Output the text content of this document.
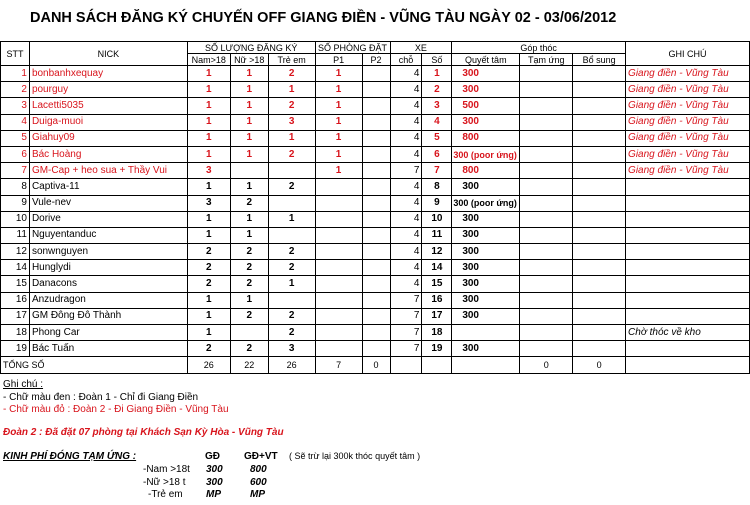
DANH SÁCH ĐĂNG KÝ CHUYẾN OFF GIANG ĐIỀN - VŨNG TÀU NGÀY 02 - 03/06/2012
STT	NICK	SỐ LƯỢNG ĐĂNG KÝ			SỐ PHÒNG ĐẶT		XE		Góp thóc			GHI CHÚ
		Nam>18	Nữ >18	Trẻ em	P1	P2	chỗ	Số	Quyết tâm	Tạm ứng	Bổ sung	
1	bonbanhxequay	1	1	2	1		4	1	300			Giang điền - Vũng Tàu
2	pourguy	1	1	1	1		4	2	300			Giang điền - Vũng Tàu
3	Lacetti5035	1	1	2	1		4	3	500			Giang điền - Vũng Tàu
4	Duiga-muoi	1	1	3	1		4	4	300			Giang điền - Vũng Tàu
5	Giahuy09	1	1	1	1		4	5	800			Giang điền - Vũng Tàu
6	Bác Hoàng	1	1	2	1		4	6	300 (poor ứng)			Giang điền - Vũng Tàu
7	GM-Cap + heo sua + Thầy Vui	3			1		7	7	800			Giang điền - Vũng Tàu
8	Captiva-11	1	1	2			4	8	300			
9	Vule-nev	3	2				4	9	300 (poor ứng)			
10	Dorive	1	1	1			4	10	300			
11	Nguyentanduc	1	1				4	11	300			
12	sonwnguyen	2	2	2			4	12	300			
14	Hunglydi	2	2	2			4	14	300			
15	Danacons	2	2	1			4	15	300			
16	Anzudragon	1	1				7	16	300			
17	GM Đông Đô Thành	1	2	2			7	17	300			
18	Phong Car	1		2			7	18				Chờ thóc về kho
19	Bác Tuấn	2	2	3			7	19	300			
TỔNG SỐ		26	22	26	7	0				0	0	
Ghi chú :
- Chữ màu đen : Đoàn 1 - Chỉ đi Giang Điền
- Chữ màu đỏ : Đoàn 2 - Đi Giang Điền - Vũng Tàu
Đoàn 2 : Đã đặt 07 phòng tại Khách Sạn Kỳ Hòa - Vũng Tàu
KINH PHÍ ĐÓNG TẠM ỨNG :	GĐ GĐ+VT ( Sẽ trừ lại 300k thóc quyết tâm )
-Nam >18t 300	800
-Nữ >18 t 300	600
-Trẻ em MP	MP
